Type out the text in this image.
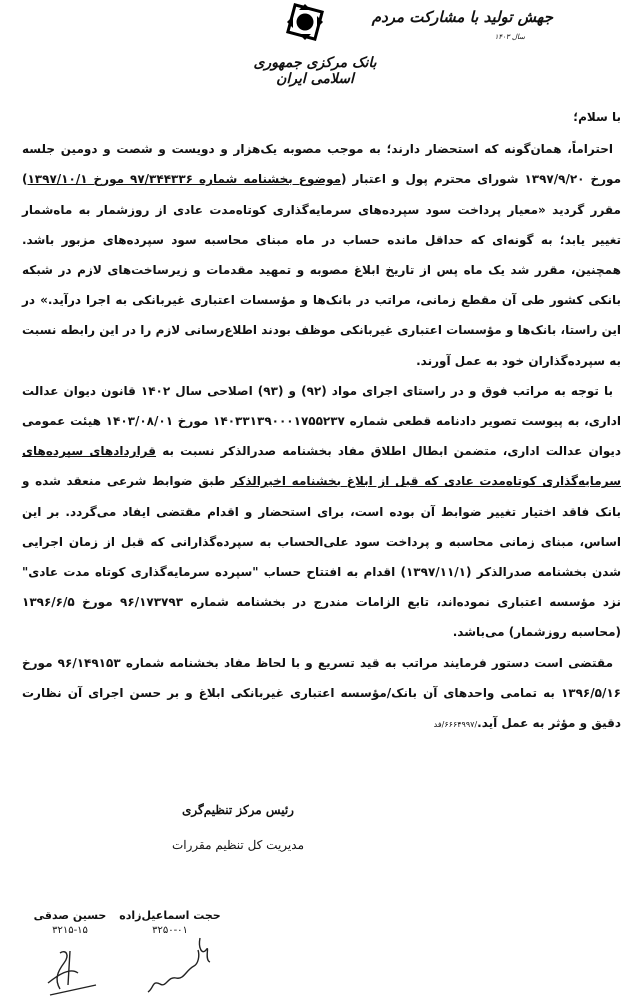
بانک مرکزی جمهوری اسلامی ایران
جهش تولید با مشارکت مردم
سال ۱۴۰۳

با سلام؛

احتراماً، همان‌گونه که استحضار دارند؛ به موجب مصوبه یک‌هزار و دویست و شصت و دومین جلسه مورخ ۱۳۹۷/۹/۲۰ شورای محترم پول و اعتبار (موضوع بخشنامه شماره ۹۷/۳۴۴۳۳۶ مورخ ۱۳۹۷/۱۰/۱) مقرر گردید «معیار پرداخت سود سپرده‌های سرمایه‌گذاری کوتاه‌مدت عادی از روزشمار به ماه‌شمار تغییر یابد؛ به گونه‌ای که حداقل مانده حساب در ماه مبنای محاسبه سود سپرده‌های مزبور باشد. همچنین، مقرر شد یک ماه پس از تاریخ ابلاغ مصوبه و تمهید مقدمات و زیرساخت‌های لازم در شبکه بانکی کشور طی آن مقطع زمانی، مراتب در بانک‌ها و مؤسسات اعتباری غیربانکی به اجرا درآید.» در این راستا، بانک‌ها و مؤسسات اعتباری غیربانکی موظف بودند اطلاع‌رسانی لازم را در این رابطه نسبت به سپرده‌گذاران خود به عمل آورند.

با توجه به مراتب فوق و در راستای اجرای مواد (۹۲) و (۹۳) اصلاحی سال ۱۴۰۲ قانون دیوان عدالت اداری، به پیوست تصویر دادنامه قطعی شماره ۱۴۰۳۳۱۳۹۰۰۰۱۷۵۵۲۳۷ مورخ ۱۴۰۳/۰۸/۰۱ هیئت عمومی دیوان عدالت اداری، متضمن ابطال اطلاق مفاد بخشنامه صدرالذکر نسبت به قراردادهای سپرده‌های سرمایه‌گذاری کوتاه‌مدت عادی که قبل از ابلاغ بخشنامه اخیرالذکر طبق ضوابط شرعی منعقد شده و بانک فاقد اختیار تغییر ضوابط آن بوده است، برای استحضار و اقدام مقتضی ایفاد می‌گردد. بر این اساس، مبنای زمانی محاسبه و پرداخت سود علی‌الحساب به سپرده‌گذارانی که قبل از زمان اجرایی شدن بخشنامه صدرالذکر (۱۳۹۷/۱۱/۱) اقدام به افتتاح حساب "سپرده سرمایه‌گذاری کوتاه مدت عادی" نزد مؤسسه اعتباری نموده‌اند، تابع الزامات مندرج در بخشنامه شماره ۹۶/۱۷۳۷۹۳ مورخ ۱۳۹۶/۶/۵ (محاسبه روزشمار) می‌باشد.

مقتضی است دستور فرمایند مراتب به قید تسریع و با لحاظ مفاد بخشنامه شماره ۹۶/۱۴۹۱۵۳ مورخ ۱۳۹۶/۵/۱۶ به تمامی واحدهای آن بانک/مؤسسه اعتباری غیربانکی ابلاغ و بر حسن اجرای آن نظارت دقیق و مؤثر به عمل آید./۶۶۶۴۹۹۷/فد

رئیس مرکز تنظیم‌گری
مدیریت کل تنظیم مقررات
حجت اسماعیل‌زاده
۳۲۵۰-۰۱
حسین صدقی
۳۲۱۵-۱۵
